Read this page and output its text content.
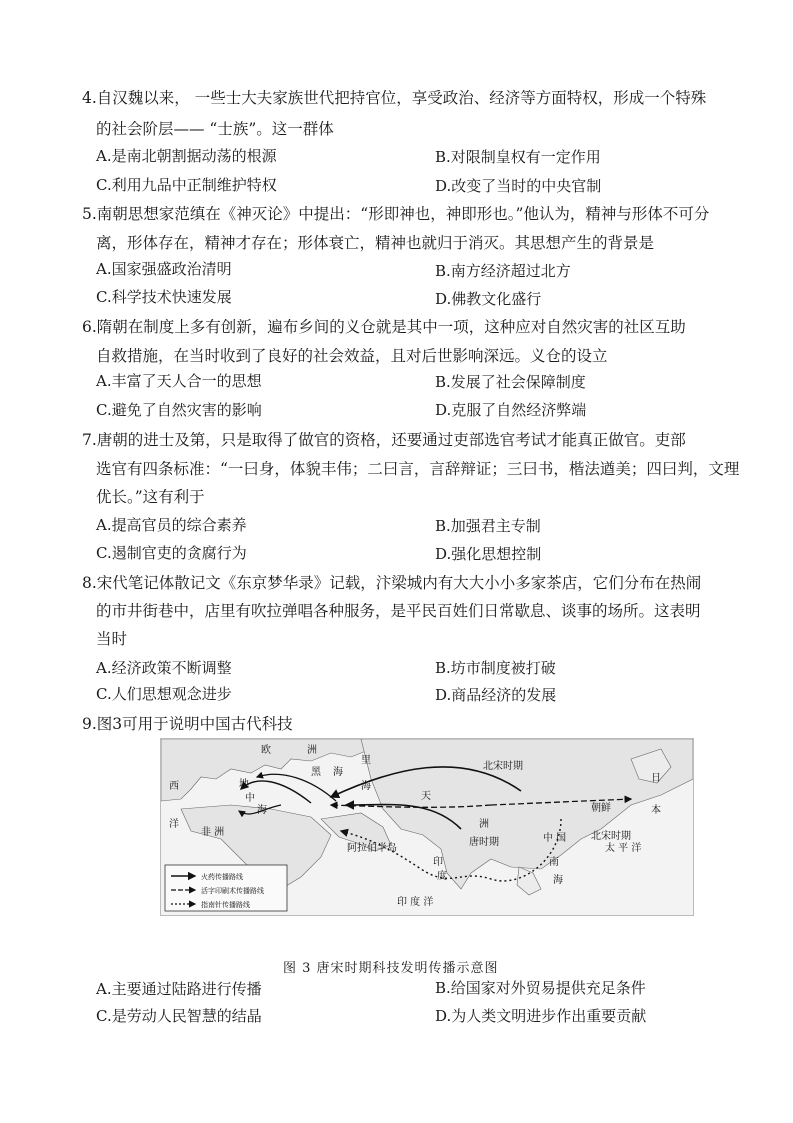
4.自汉魏以来， 一些士大夫家族世代把持官位，享受政治、经济等方面特权，形成一个特殊
的社会阶层—— “士族”。这一群体
A.是南北朝割据动荡的根源	B.对限制皇权有一定作用
C.利用九品中正制维护特权	D.改变了当时的中央官制
5.南朝思想家范缜在《神灭论》中提出：“形即神也，神即形也。”他认为，精神与形体不可分
离，形体存在，精神才存在；形体衰亡，精神也就归于消灭。其思想产生的背景是
A.国家强盛政治清明	B.南方经济超过北方
C.科学技术快速发展	D.佛教文化盛行
6.隋朝在制度上多有创新，遍布乡间的义仓就是其中一项，这种应对自然灾害的社区互助
自救措施，在当时收到了良好的社会效益，且对后世影响深远。义仓的设立
A.丰富了天人合一的思想	B.发展了社会保障制度
C.避免了自然灾害的影响	D.克服了自然经济弊端
7.唐朝的进士及第，只是取得了做官的资格，还要通过吏部选官考试才能真正做官。吏部
选官有四条标准：“一曰身，体貌丰伟；二曰言，言辞辩证；三曰书，楷法遒美；四曰判，文理
优长。”这有利于
A.提高官员的综合素养	B.加强君主专制
C.遏制官吏的贪腐行为	D.强化思想控制
8.宋代笔记体散记文《东京梦华录》记载，汴梁城内有大大小小多家茶店，它们分布在热闹
的市井街巷中，店里有吹拉弹唱各种服务，是平民百姓们日常歇息、谈事的场所。这表明
当时
A.经济政策不断调整	B.坊市制度被打破
C.人们思想观念进步	D.商品经济的发展
9.图3可用于说明中国古代科技
欧	洲
西
洋
非 洲
地
中
海
黑 海
里
海
天
北宋时期
洲
唐时期	中 国
朝鲜
日
本
北宋时期
南
海
太 平 洋
阿拉伯半岛
印
度
印 度 洋
火药传播路线
活字印刷术传播路线
指南针传播路线
图 3 唐宋时期科技发明传播示意图
A.主要通过陆路进行传播	B.给国家对外贸易提供充足条件
C.是劳动人民智慧的结晶	D.为人类文明进步作出重要贡献
